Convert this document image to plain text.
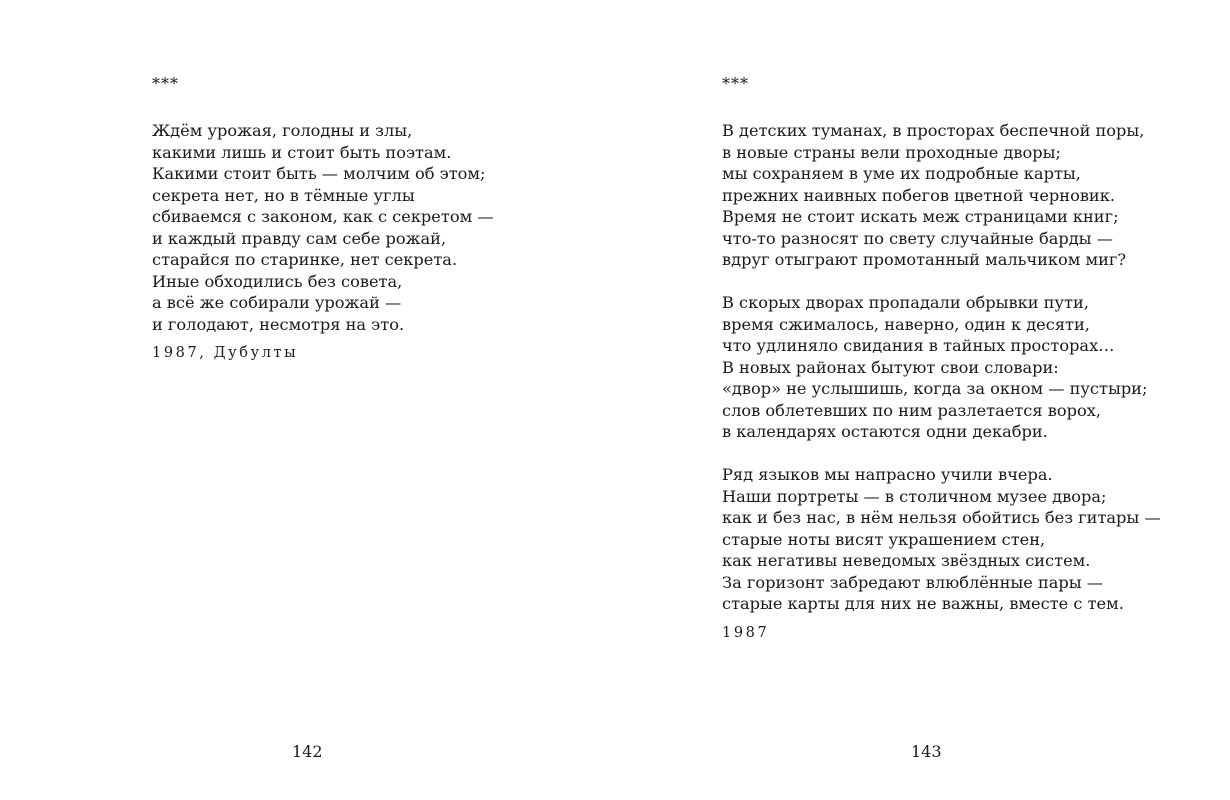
***
Ждём урожая, голодны и злы,
какими лишь и стоит быть поэтам.
Какими стоит быть — молчим об этом;
секрета нет, но в тёмные углы
сбиваемся с законом, как с секретом —
и каждый правду сам себе рожай,
старайся по старинке, нет секрета.
Иные обходились без совета,
а всё же собирали урожай —
и голодают, несмотря на это.
1987, Дубулты
142
***
В детских туманах, в просторах беспечной поры,
в новые страны вели проходные дворы;
мы сохраняем в уме их подробные карты,
прежних наивных побегов цветной черновик.
Время не стоит искать меж страницами книг;
что-то разносят по свету случайные барды —
вдруг отыграют промотанный мальчиком миг?
В скорых дворах пропадали обрывки пути,
время сжималось, наверно, один к десяти,
что удлиняло свидания в тайных просторах…
В новых районах бытуют свои словари:
«двор» не услышишь, когда за окном — пустыри;
слов облетевших по ним разлетается ворох,
в календарях остаются одни декабри.
Ряд языков мы напрасно учили вчера.
Наши портреты — в столичном музее двора;
как и без нас, в нём нельзя обойтись без гитары —
старые ноты висят украшением стен,
как негативы неведомых звёздных систем.
За горизонт забредают влюблённые пары —
старые карты для них не важны, вместе с тем.
1987
143
